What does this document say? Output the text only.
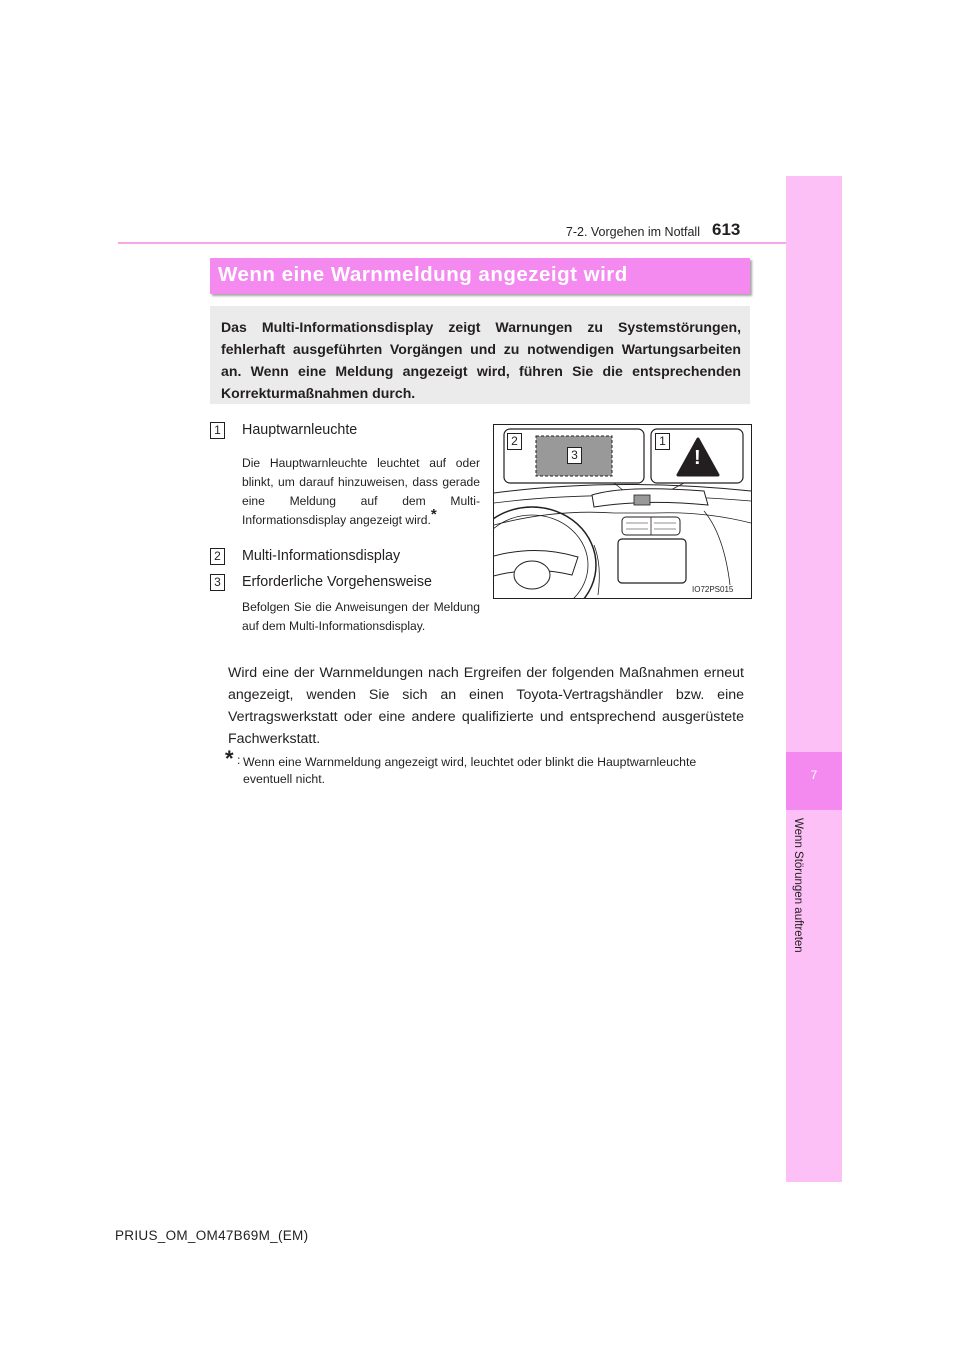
7
Wenn Störungen auftreten
7-2. Vorgehen im Notfall 613
Wenn eine Warnmeldung angezeigt wird
Das Multi-Informationsdisplay zeigt Warnungen zu Systemstörungen, fehlerhaft ausgeführten Vorgängen und zu notwendigen Wartungsarbeiten an. Wenn eine Meldung angezeigt wird, führen Sie die entsprechenden Korrekturmaßnahmen durch.
1 Hauptwarnleuchte
Die Hauptwarnleuchte leuchtet auf oder blinkt, um darauf hinzuweisen, dass gerade eine Meldung auf dem Multi-Informationsdisplay angezeigt wird.*
2 Multi-Informationsdisplay
3 Erforderliche Vorgehensweise
Befolgen Sie die Anweisungen der Meldung auf dem Multi-Informationsdisplay.
2
3
1
!
IO72PS015
Wird eine der Warnmeldungen nach Ergreifen der folgenden Maßnahmen erneut angezeigt, wenden Sie sich an einen Toyota-Vertragshändler bzw. eine Vertragswerkstatt oder eine andere qualifizierte und entsprechend ausgerüstete Fachwerkstatt.
* : Wenn eine Warnmeldung angezeigt wird, leuchtet oder blinkt die Hauptwarnleuchte eventuell nicht.
PRIUS_OM_OM47B69M_(EM)
